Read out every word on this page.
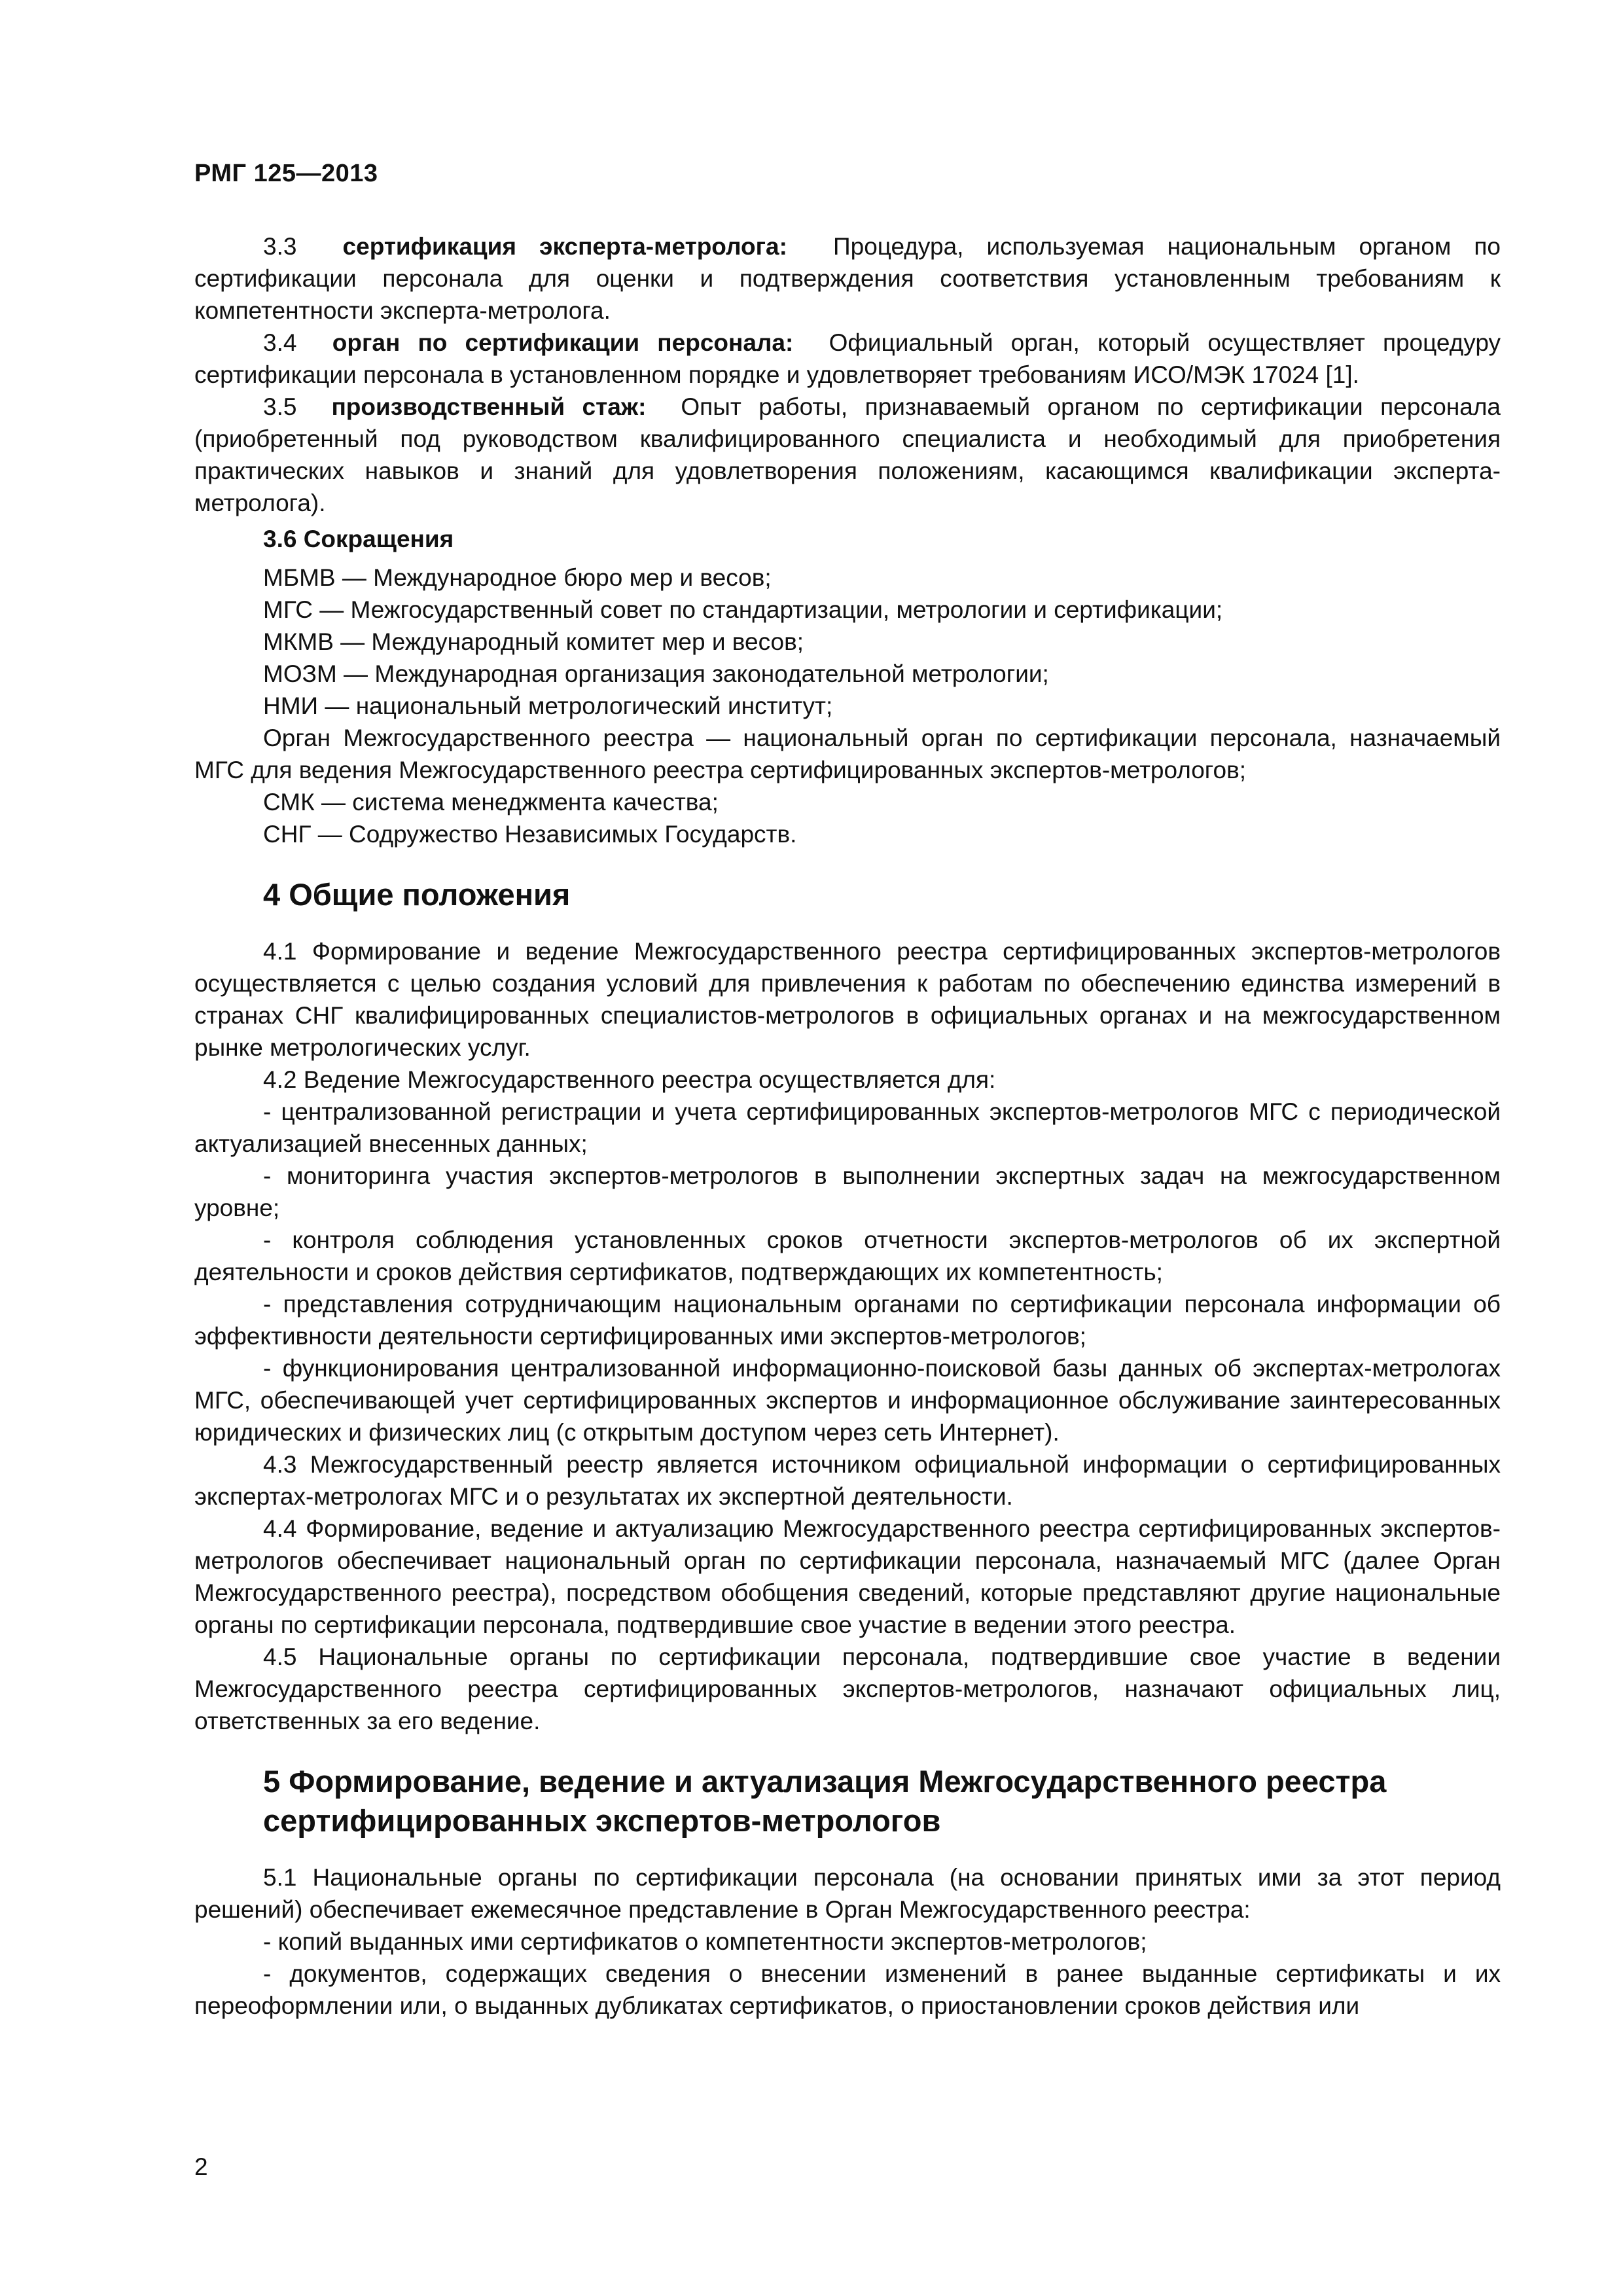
РМГ 125—2013

3.3 сертификация эксперта-метролога: Процедура, используемая национальным органом по сертификации персонала для оценки и подтверждения соответствия установленным требованиям к компетентности эксперта-метролога.

3.4 орган по сертификации персонала: Официальный орган, который осуществляет процедуру сертификации персонала в установленном порядке и удовлетворяет требованиям ИСО/МЭК 17024 [1].

3.5 производственный стаж: Опыт работы, признаваемый органом по сертификации персонала (приобретенный под руководством квалифицированного специалиста и необходимый для приобретения практических навыков и знаний для удовлетворения положениям, касающимся квалификации эксперта-метролога).

3.6 Сокращения

МБМВ — Международное бюро мер и весов;

МГС — Межгосударственный совет по стандартизации, метрологии и сертификации;

МКМВ — Международный комитет мер и весов;

МОЗМ — Международная организация законодательной метрологии;

НМИ — национальный метрологический институт;

Орган Межгосударственного реестра — национальный орган по сертификации персонала, назначаемый МГС для ведения Межгосударственного реестра сертифицированных экспертов-метрологов;

СМК — система менеджмента качества;

СНГ — Содружество Независимых Государств.

4 Общие положения

4.1 Формирование и ведение Межгосударственного реестра сертифицированных экспертов-метрологов осуществляется с целью создания условий для привлечения к работам по обеспечению единства измерений в странах СНГ квалифицированных специалистов-метрологов в официальных органах и на межгосударственном рынке метрологических услуг.

4.2 Ведение Межгосударственного реестра осуществляется для:

- централизованной регистрации и учета сертифицированных экспертов-метрологов МГС с периодической актуализацией внесенных данных;

- мониторинга участия экспертов-метрологов в выполнении экспертных задач на межгосударственном уровне;

- контроля соблюдения установленных сроков отчетности экспертов-метрологов об их экспертной деятельности и сроков действия сертификатов, подтверждающих их компетентность;

- представления сотрудничающим национальным органами по сертификации персонала информации об эффективности деятельности сертифицированных ими экспертов-метрологов;

- функционирования централизованной информационно-поисковой базы данных об экспертах-метрологах МГС, обеспечивающей учет сертифицированных экспертов и информационное обслуживание заинтересованных юридических и физических лиц (с открытым доступом через сеть Интернет).

4.3 Межгосударственный реестр является источником официальной информации о сертифицированных экспертах-метрологах МГС и о результатах их экспертной деятельности.

4.4 Формирование, ведение и актуализацию Межгосударственного реестра сертифицированных экспертов-метрологов обеспечивает национальный орган по сертификации персонала, назначаемый МГС (далее Орган Межгосударственного реестра), посредством обобщения сведений, которые представляют другие национальные органы по сертификации персонала, подтвердившие свое участие в ведении этого реестра.

4.5 Национальные органы по сертификации персонала, подтвердившие свое участие в ведении Межгосударственного реестра сертифицированных экспертов-метрологов, назначают официальных лиц, ответственных за его ведение.

5 Формирование, ведение и актуализация Межгосударственного реестра
сертифицированных экспертов-метрологов

5.1 Национальные органы по сертификации персонала (на основании принятых ими за этот период решений) обеспечивает ежемесячное представление в Орган Межгосударственного реестра:

- копий выданных ими сертификатов о компетентности экспертов-метрологов;

- документов, содержащих сведения о внесении изменений в ранее выданные сертификаты и их переоформлении или, о выданных дубликатах сертификатов, о приостановлении сроков действия или

2
